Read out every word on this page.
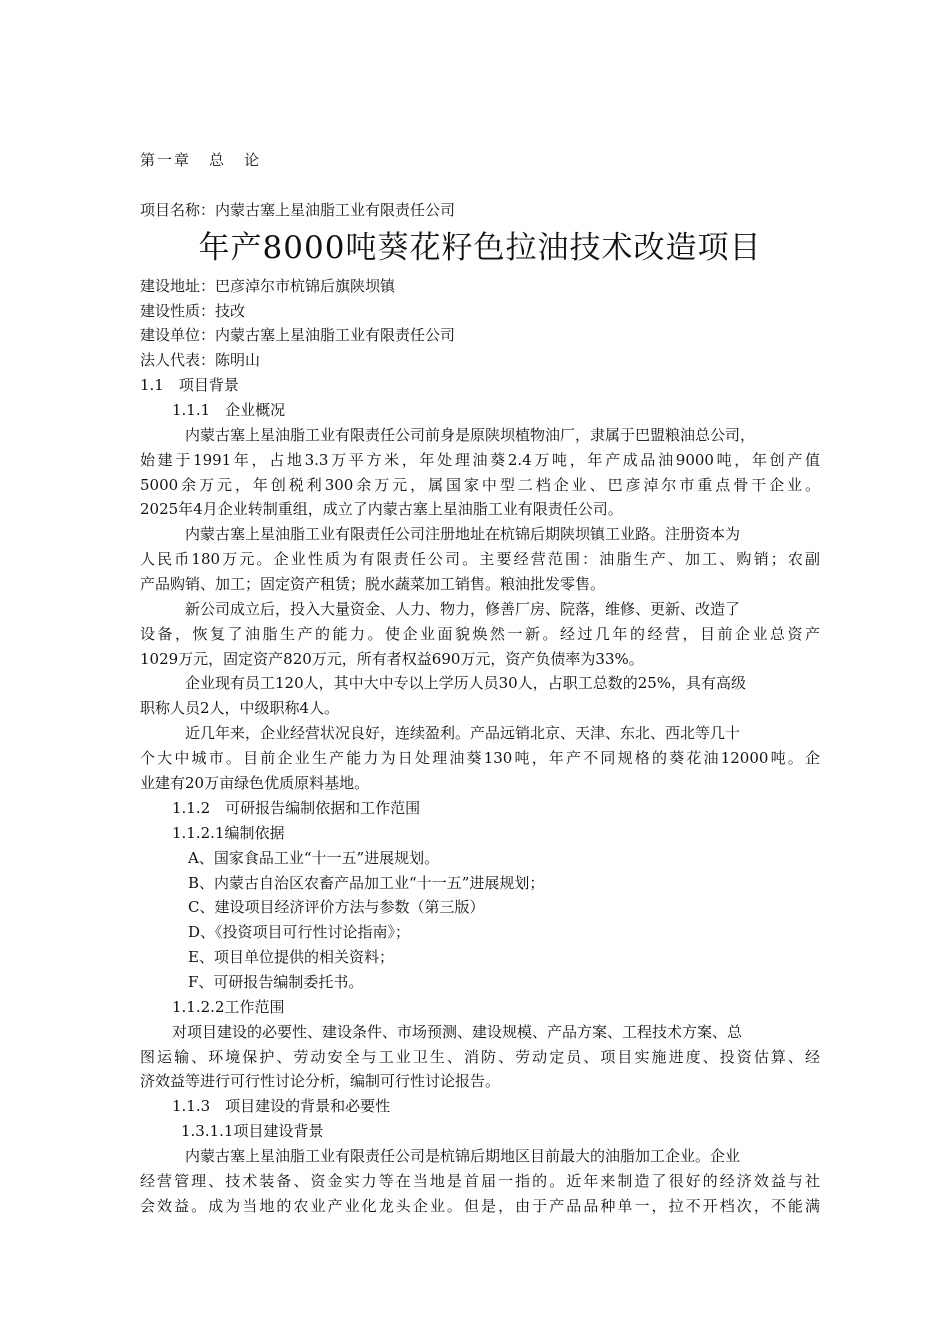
第一章 总 论
项目名称：内蒙古塞上星油脂工业有限责任公司
年产8000吨葵花籽色拉油技术改造项目
建设地址：巴彦淖尔市杭锦后旗陕坝镇
建设性质：技改
建设单位：内蒙古塞上星油脂工业有限责任公司
法人代表：陈明山
1.1　项目背景
1.1.1　企业概况
内蒙古塞上星油脂工业有限责任公司前身是原陕坝植物油厂，隶属于巴盟粮油总公司，
始建于1991年，占地3.3万平方米，年处理油葵2.4万吨，年产成品油9000吨，年创产值
5000余万元，年创税利300余万元，属国家中型二档企业、巴彦淖尔市重点骨干企业。
2025年4月企业转制重组，成立了内蒙古塞上星油脂工业有限责任公司。
内蒙古塞上星油脂工业有限责任公司注册地址在杭锦后期陕坝镇工业路。注册资本为
人民币180万元。企业性质为有限责任公司。主要经营范围：油脂生产、加工、购销；农副
产品购销、加工；固定资产租赁；脱水蔬菜加工销售。粮油批发零售。
新公司成立后，投入大量资金、人力、物力，修善厂房、院落，维修、更新、改造了
设备，恢复了油脂生产的能力。使企业面貌焕然一新。经过几年的经营，目前企业总资产
1029万元，固定资产820万元，所有者权益690万元，资产负债率为33%。
企业现有员工120人，其中大中专以上学历人员30人，占职工总数的25%，具有高级
职称人员2人，中级职称4人。
近几年来，企业经营状况良好，连续盈利。产品远销北京、天津、东北、西北等几十
个大中城市。目前企业生产能力为日处理油葵130吨，年产不同规格的葵花油12000吨。企
业建有20万亩绿色优质原料基地。
1.1.2　可研报告编制依据和工作范围
1.1.2.1编制依据
A、国家食品工业“十一五”进展规划。
B、内蒙古自治区农畜产品加工业“十一五”进展规划；
C、建设项目经济评价方法与参数（第三版）
D、《投资项目可行性讨论指南》；
E、项目单位提供的相关资料；
F、可研报告编制委托书。
1.1.2.2工作范围
对项目建设的必要性、建设条件、市场预测、建设规模、产品方案、工程技术方案、总
图运输、环境保护、劳动安全与工业卫生、消防、劳动定员、项目实施进度、投资估算、经
济效益等进行可行性讨论分析，编制可行性讨论报告。
1.1.3　项目建设的背景和必要性
1.3.1.1项目建设背景
内蒙古塞上星油脂工业有限责任公司是杭锦后期地区目前最大的油脂加工企业。企业
经营管理、技术装备、资金实力等在当地是首届一指的。近年来制造了很好的经济效益与社
会效益。成为当地的农业产业化龙头企业。但是，由于产品品种单一，拉不开档次，不能满
